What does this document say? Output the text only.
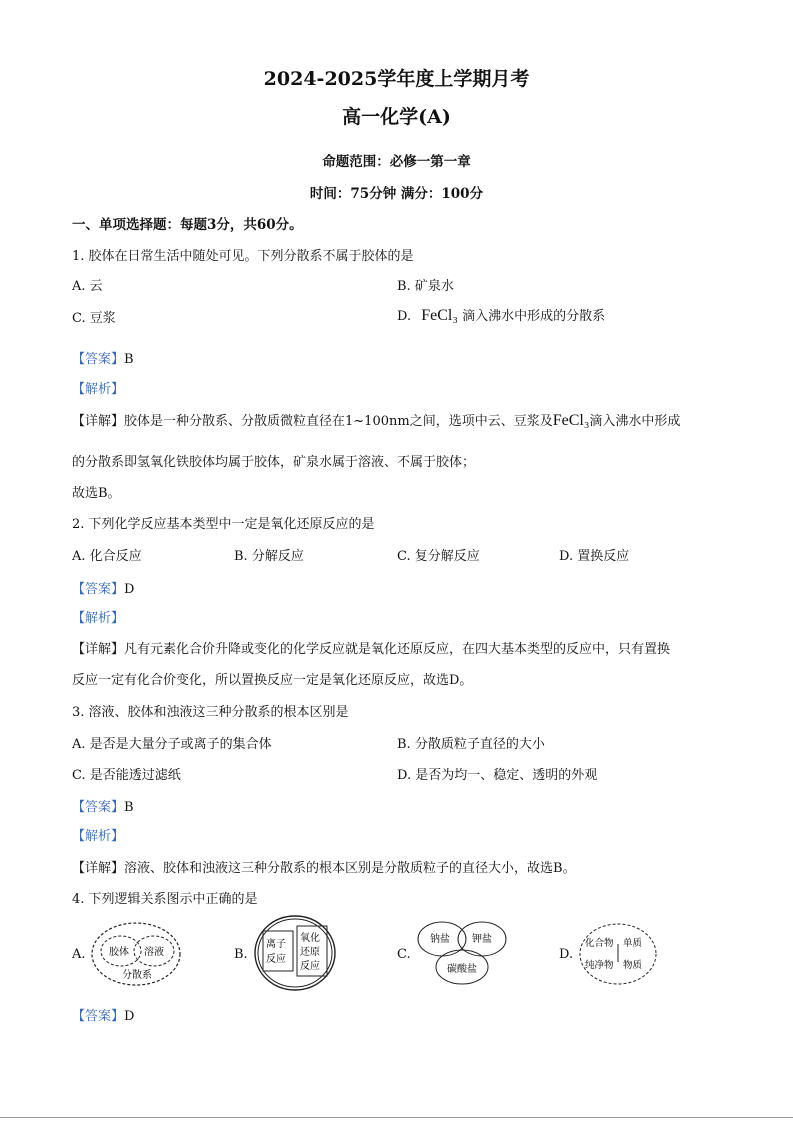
2024-2025学年度上学期月考
高一化学(A)
命题范围：必修一第一章
时间：75分钟 满分：100分
一、单项选择题：每题3分，共60分。
1. 胶体在日常生活中随处可见。下列分散系不属于胶体的是
A. 云	B. 矿泉水
C. 豆浆	D. FeCl₃ 滴入沸水中形成的分散系
【答案】B
【解析】
【详解】胶体是一种分散系、分散质微粒直径在1~100nm之间，选项中云、豆浆及FeCl₃滴入沸水中形成
的分散系即氢氧化铁胶体均属于胶体，矿泉水属于溶液、不属于胶体；
故选B。
2. 下列化学反应基本类型中一定是氧化还原反应的是
A. 化合反应	B. 分解反应	C. 复分解反应	D. 置换反应
【答案】D
【解析】
【详解】凡有元素化合价升降或变化的化学反应就是氧化还原反应，在四大基本类型的反应中，只有置换
反应一定有化合价变化，所以置换反应一定是氧化还原反应，故选D。
3. 溶液、胶体和浊液这三种分散系的根本区别是
A. 是否是大量分子或离子的集合体	B. 分散质粒子直径的大小
C. 是否能透过滤纸	D. 是否为均一、稳定、透明的外观
【答案】B
【解析】
【详解】溶液、胶体和浊液这三种分散系的根本区别是分散质粒子的直径大小，故选B。
4. 下列逻辑关系图示中正确的是
A. 胶体 溶液
分散系
B.
离子
反应
氧化
还原
反应
C.
钠盐 钾盐
碳酸盐
D.
化合物 单质
纯净物 物质
【答案】D
